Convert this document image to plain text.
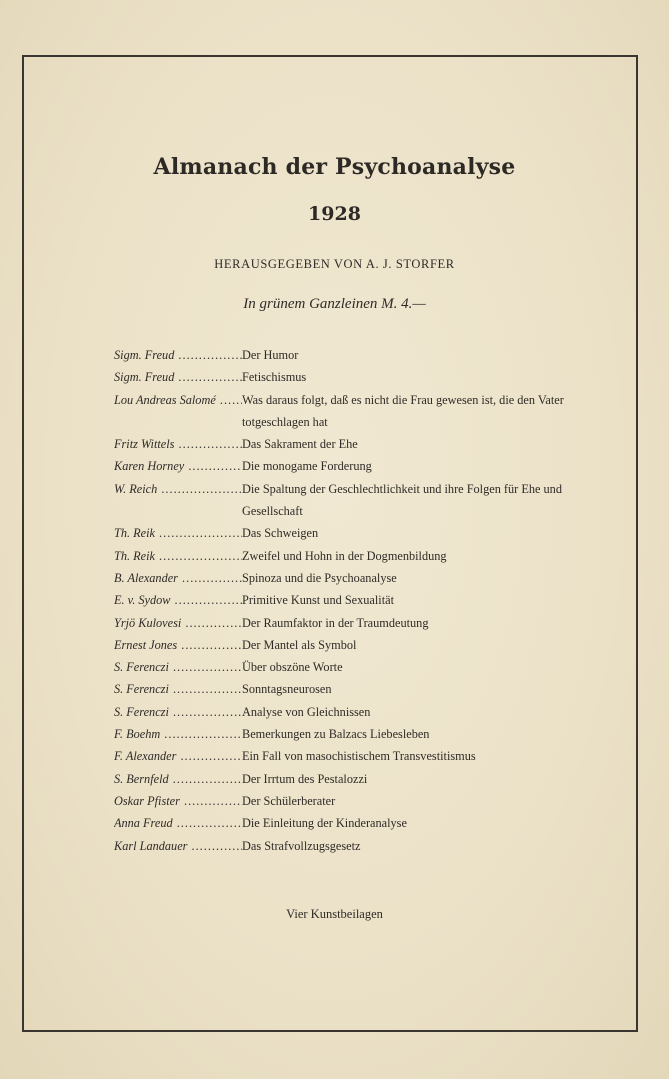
Almanach der Psychoanalyse
1928
HERAUSGEGEBEN VON A. J. STORFER
In grünem Ganzleinen M. 4.—
Sigm. Freud .....	Der Humor
Sigm. Freud .....	Fetischismus
Lou Andreas Salomé .....	Was daraus folgt, daß es nicht die Frau gewesen ist, die den Vater totgeschlagen hat
Fritz Wittels .....	Das Sakrament der Ehe
Karen Horney .....	Die monogame Forderung
W. Reich .....	Die Spaltung der Geschlechtlichkeit und ihre Folgen für Ehe und Gesellschaft
Th. Reik .....	Das Schweigen
Th. Reik .....	Zweifel und Hohn in der Dogmenbildung
B. Alexander .....	Spinoza und die Psychoanalyse
E. v. Sydow .....	Primitive Kunst und Sexualität
Yrjö Kulovesi .....	Der Raumfaktor in der Traumdeutung
Ernest Jones .....	Der Mantel als Symbol
S. Ferenczi .....	Über obszöne Worte
S. Ferenczi .....	Sonntagsneurosen
S. Ferenczi .....	Analyse von Gleichnissen
F. Boehm .....	Bemerkungen zu Balzacs Liebesleben
F. Alexander .....	Ein Fall von masochistischem Transvestitismus
S. Bernfeld .....	Der Irrtum des Pestalozzi
Oskar Pfister .....	Der Schülerberater
Anna Freud .....	Die Einleitung der Kinderanalyse
Karl Landauer .....	Das Strafvollzugsgesetz
Vier Kunstbeilagen
